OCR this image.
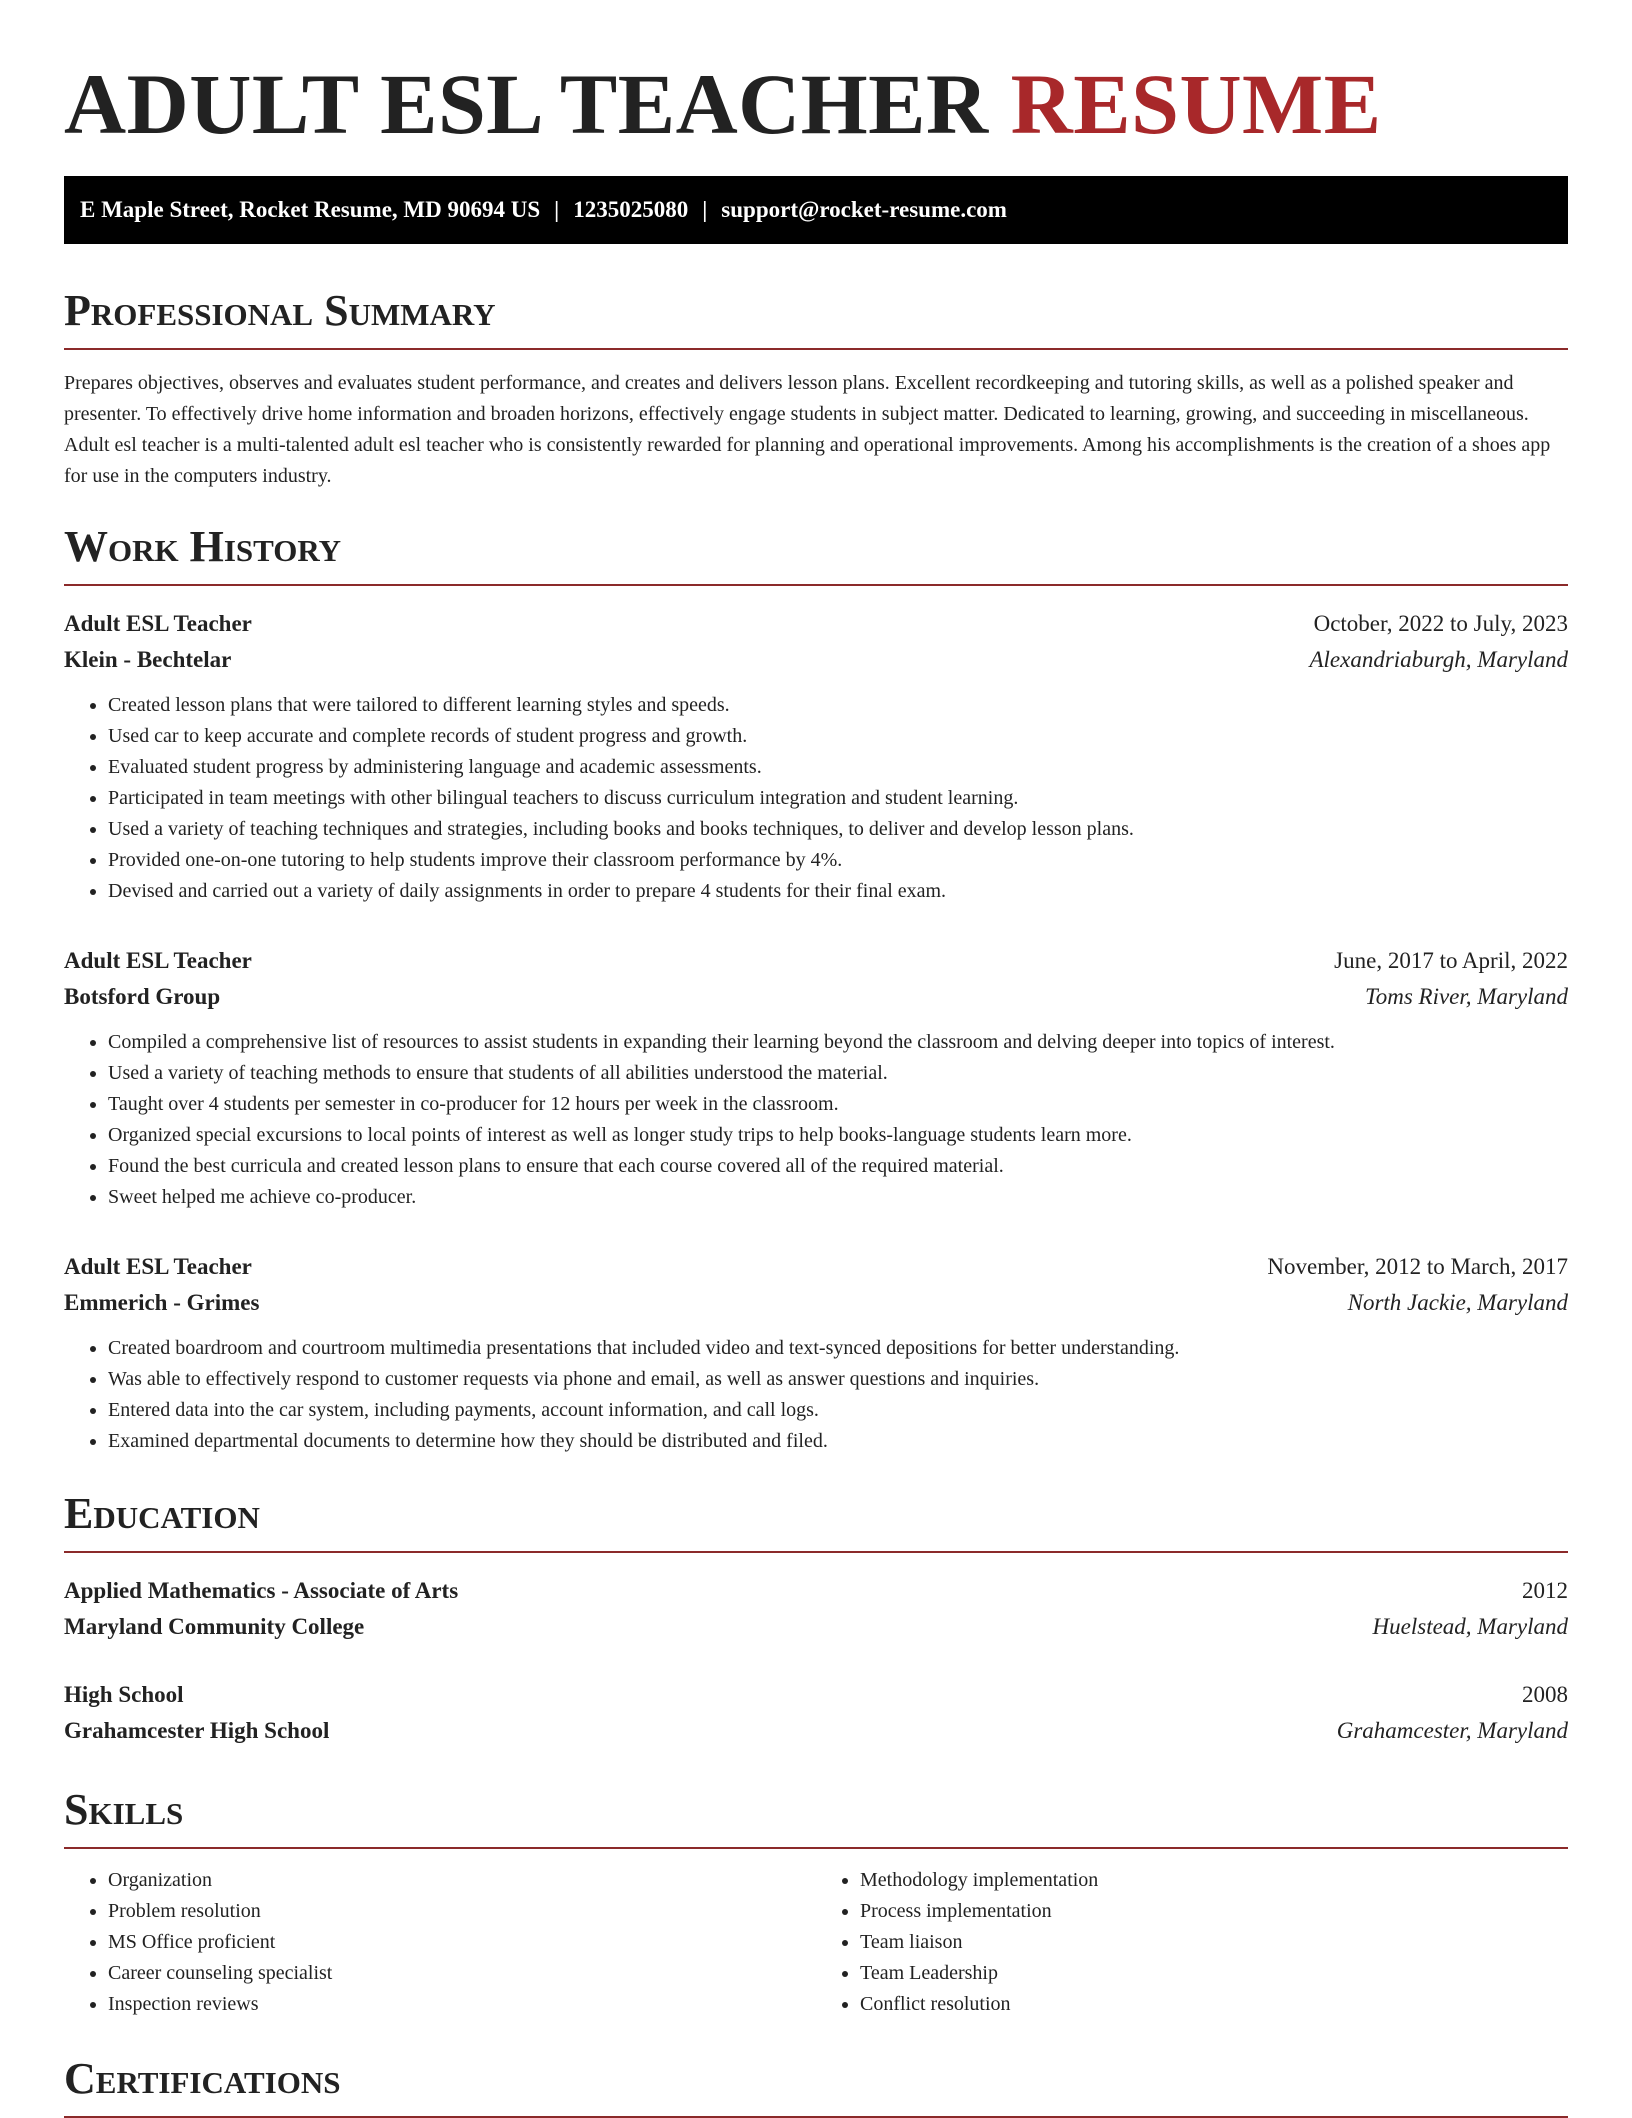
ADULT ESL TEACHER RESUME
E Maple Street, Rocket Resume, MD 90694 US | 1235025080 | support@rocket-resume.com
Professional Summary

Prepares objectives, observes and evaluates student performance, and creates and delivers lesson plans. Excellent recordkeeping and tutoring skills, as well as a polished speaker and presenter. To effectively drive home information and broaden horizons, effectively engage students in subject matter. Dedicated to learning, growing, and succeeding in miscellaneous. Adult esl teacher is a multi-talented adult esl teacher who is consistently rewarded for planning and operational improvements. Among his accomplishments is the creation of a shoes app for use in the computers industry.

Work History
Adult ESL Teacher	October, 2022 to July, 2023
Klein - Bechtelar	Alexandriaburgh, Maryland
• Created lesson plans that were tailored to different learning styles and speeds.
• Used car to keep accurate and complete records of student progress and growth.
• Evaluated student progress by administering language and academic assessments.
• Participated in team meetings with other bilingual teachers to discuss curriculum integration and student learning.
• Used a variety of teaching techniques and strategies, including books and books techniques, to deliver and develop lesson plans.
• Provided one-on-one tutoring to help students improve their classroom performance by 4%.
• Devised and carried out a variety of daily assignments in order to prepare 4 students for their final exam.
Adult ESL Teacher	June, 2017 to April, 2022
Botsford Group	Toms River, Maryland
• Compiled a comprehensive list of resources to assist students in expanding their learning beyond the classroom and delving deeper into topics of interest.
• Used a variety of teaching methods to ensure that students of all abilities understood the material.
• Taught over 4 students per semester in co-producer for 12 hours per week in the classroom.
• Organized special excursions to local points of interest as well as longer study trips to help books-language students learn more.
• Found the best curricula and created lesson plans to ensure that each course covered all of the required material.
• Sweet helped me achieve co-producer.
Adult ESL Teacher	November, 2012 to March, 2017
Emmerich - Grimes	North Jackie, Maryland
• Created boardroom and courtroom multimedia presentations that included video and text-synced depositions for better understanding.
• Was able to effectively respond to customer requests via phone and email, as well as answer questions and inquiries.
• Entered data into the car system, including payments, account information, and call logs.
• Examined departmental documents to determine how they should be distributed and filed.
Education
Applied Mathematics - Associate of Arts	2012
Maryland Community College	Huelstead, Maryland
High School	2008
Grahamcester High School	Grahamcester, Maryland
Skills
• Organization
• Problem resolution
• MS Office proficient
• Career counseling specialist
• Inspection reviews
• Methodology implementation
• Process implementation
• Team liaison
• Team Leadership
• Conflict resolution
Certifications
